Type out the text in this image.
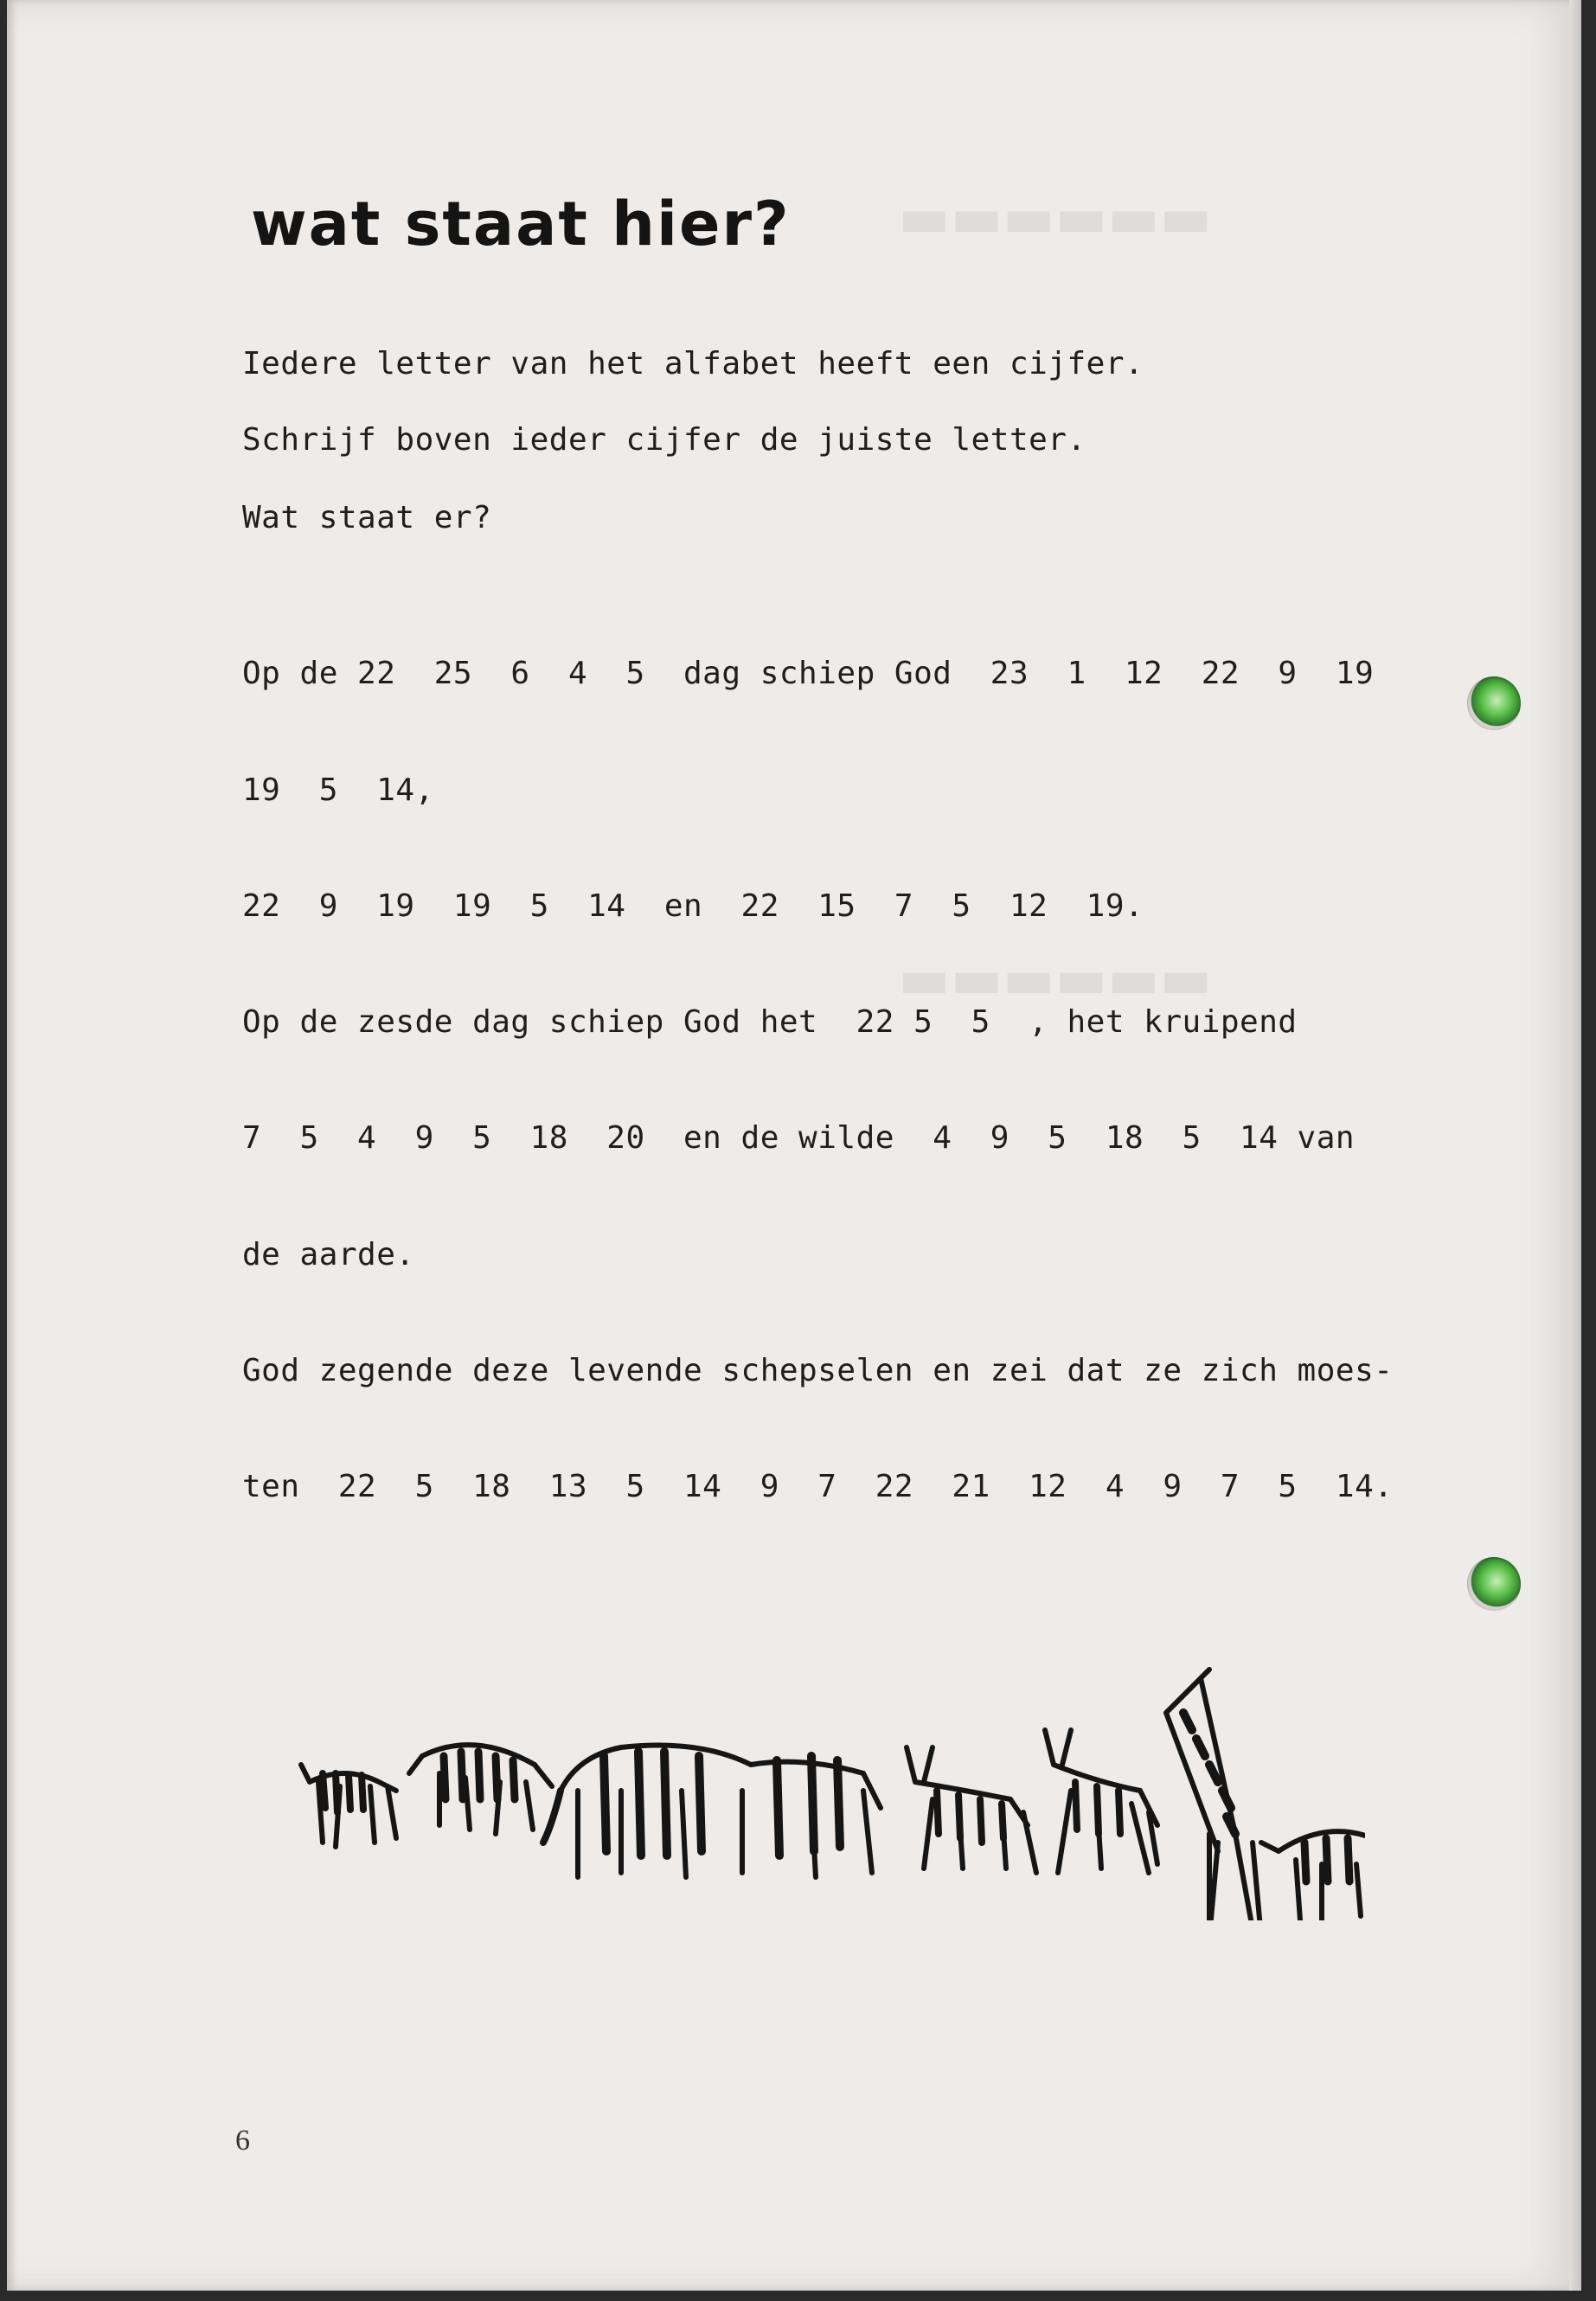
▬▬▬▬▬▬
▬▬▬▬▬▬
wat staat hier?
Iedere letter van het alfabet heeft een cijfer.
Schrijf boven ieder cijfer de juiste letter.
Wat staat er?
Op de 22  25  6  4  5  dag schiep God  23  1  12  22  9  19
19  5  14,
22  9  19  19  5  14  en  22  15  7  5  12  19.
Op de zesde dag schiep God het  22 5  5  , het kruipend
7  5  4  9  5  18  20  en de wilde  4  9  5  18  5  14 van
de aarde.
God zegende deze levende schepselen en zei dat ze zich moes-
ten  22  5  18  13  5  14  9  7  22  21  12  4  9  7  5  14.
6
